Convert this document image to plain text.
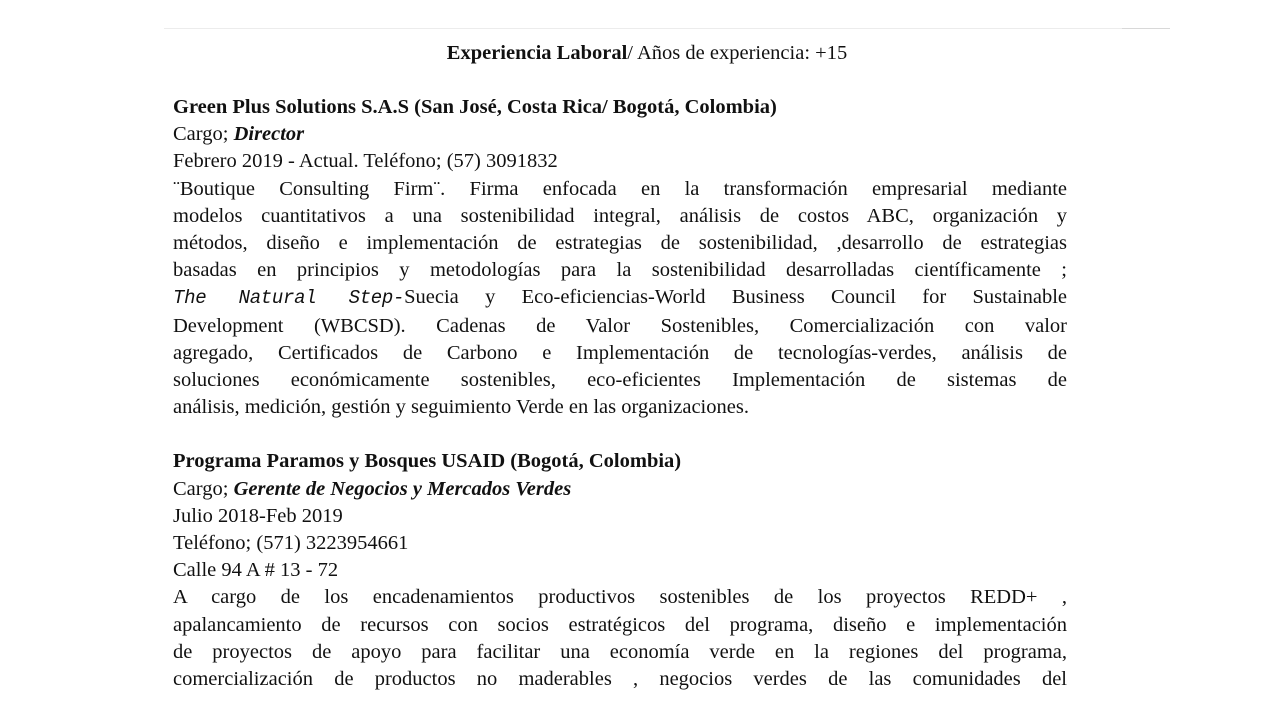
Experiencia Laboral/ Años de experiencia: +15

Green Plus Solutions S.A.S (San José, Costa Rica/ Bogotá, Colombia)

Cargo; Director

Febrero 2019 - Actual. Teléfono; (57) 3091832

¨Boutique Consulting Firm¨. Firma enfocada en la transformación empresarial mediante
modelos cuantitativos a una sostenibilidad integral, análisis de costos ABC, organización y
métodos, diseño e implementación de estrategias de sostenibilidad, ,desarrollo de estrategias
basadas en principios y metodologías para la sostenibilidad desarrolladas científicamente ;
The Natural Step-Suecia y Eco-eficiencias-World Business Council for Sustainable
Development (WBCSD). Cadenas de Valor Sostenibles, Comercialización con valor
agregado, Certificados de Carbono e Implementación de tecnologías-verdes, análisis de
soluciones económicamente sostenibles, eco-eficientes Implementación de sistemas de
análisis, medición, gestión y seguimiento Verde en las organizaciones.

Programa Paramos y Bosques USAID (Bogotá, Colombia)

Cargo; Gerente de Negocios y Mercados Verdes

Julio 2018-Feb 2019

Teléfono; (571) 3223954661

Calle 94 A # 13 - 72

A cargo de los encadenamientos productivos sostenibles de los proyectos REDD+ ,
apalancamiento de recursos con socios estratégicos del programa, diseño e implementación
de proyectos de apoyo para facilitar una economía verde en la regiones del programa,
comercialización de productos no maderables , negocios verdes de las comunidades del
